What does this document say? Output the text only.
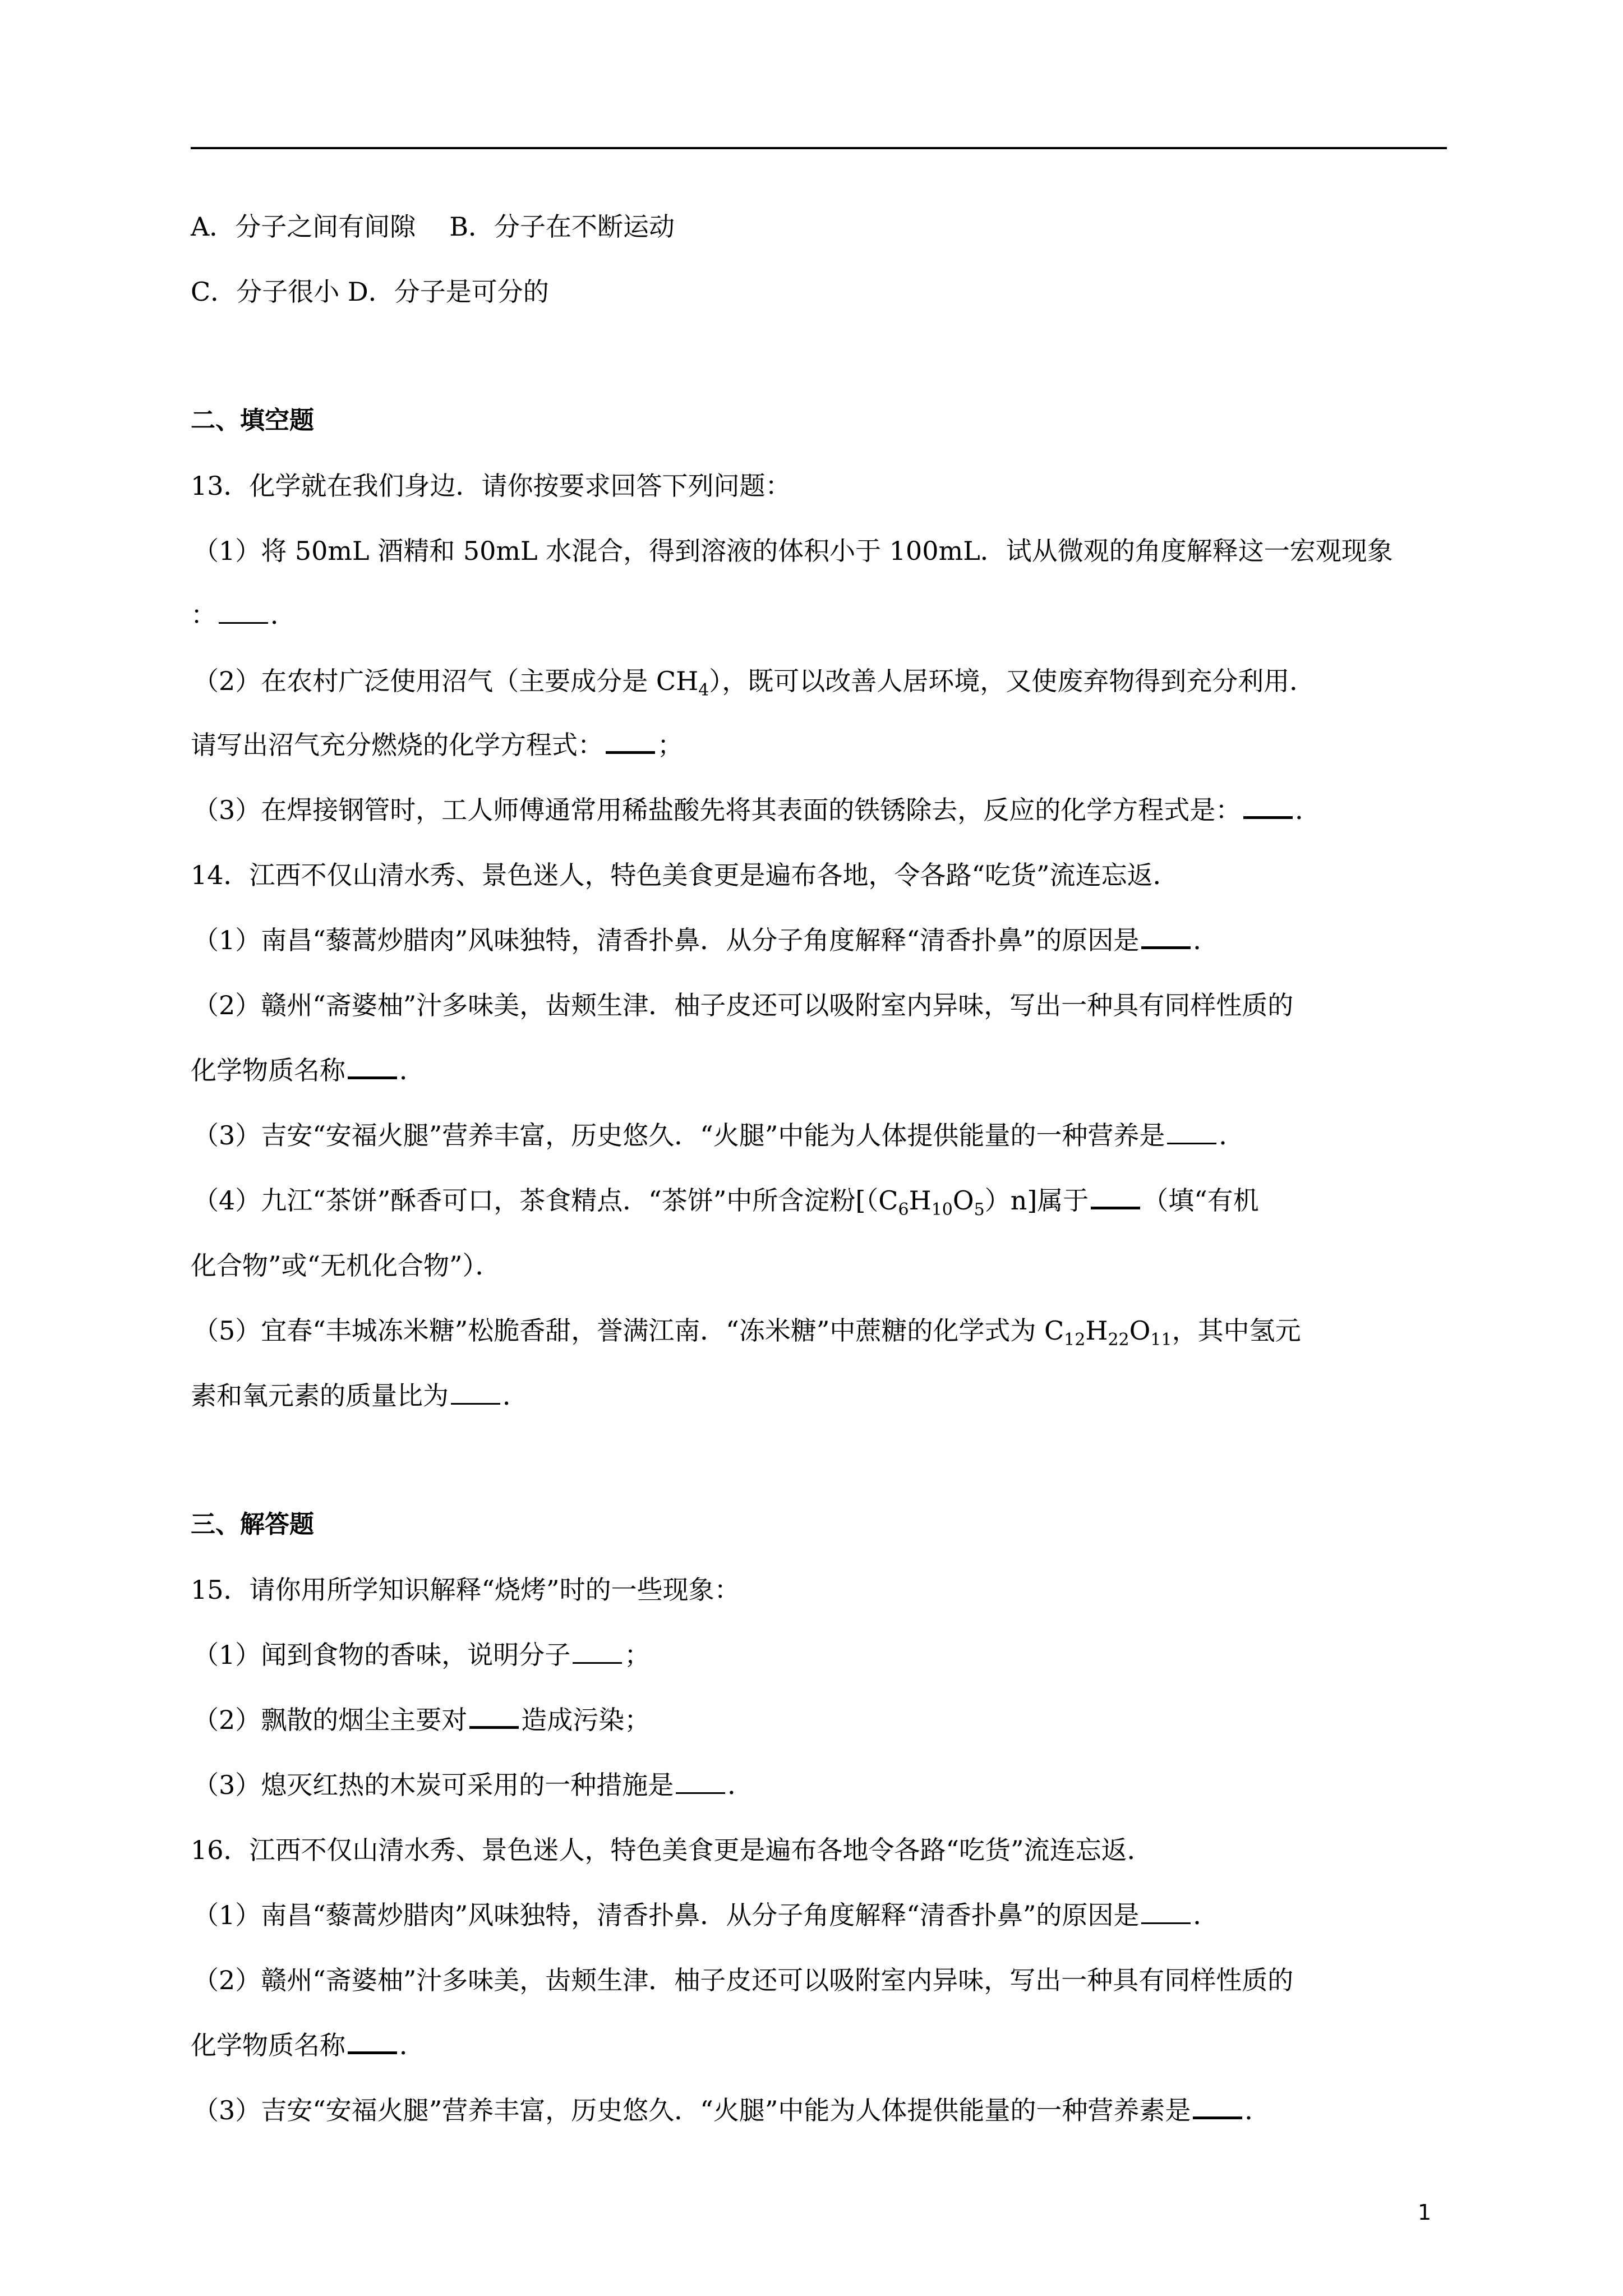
A．分子之间有间隙 B．分子在不断运动
C．分子很小 D．分子是可分的
二、填空题
13．化学就在我们身边．请你按要求回答下列问题：
（1）将 50mL 酒精和 50mL 水混合，得到溶液的体积小于 100mL．试从微观的角度解释这一宏观现象
： ．
（2）在农村广泛使用沼气（主要成分是 $CH_4$），既可以改善人居环境，又使废弃物得到充分利用．
请写出沼气充分燃烧的化学方程式： ；
（3）在焊接钢管时，工人师傅通常用稀盐酸先将其表面的铁锈除去，反应的化学方程式是： ．
14．江西不仅山清水秀、景色迷人，特色美食更是遍布各地，令各路“吃货”流连忘返．
（1）南昌“藜蒿炒腊肉”风味独特，清香扑鼻．从分子角度解释“清香扑鼻”的原因是 ．
（2）赣州“斋婆柚”汁多味美，齿颊生津．柚子皮还可以吸附室内异味，写出一种具有同样性质的
化学物质名称 ．
（3）吉安“安福火腿”营养丰富，历史悠久．“火腿”中能为人体提供能量的一种营养是 ．
（4）九江“茶饼”酥香可口，茶食精点．“茶饼”中所含淀粉$[(C_6H_{10}O_5)n]$属于 （填“有机
化合物”或“无机化合物”）．
（5）宜春“丰城冻米糖”松脆香甜，誉满江南．“冻米糖”中蔗糖的化学式为 $C_{12}H_{22}O_{11}$，其中氢元
素和氧元素的质量比为 ．
三、解答题
15．请你用所学知识解释“烧烤”时的一些现象：
（1）闻到食物的香味，说明分子 ；
（2）飘散的烟尘主要对 造成污染；
（3）熄灭红热的木炭可采用的一种措施是 ．
16．江西不仅山清水秀、景色迷人，特色美食更是遍布各地令各路“吃货”流连忘返．
（1）南昌“藜蒿炒腊肉”风味独特，清香扑鼻．从分子角度解释“清香扑鼻”的原因是 ．
（2）赣州“斋婆柚”汁多味美，齿颊生津．柚子皮还可以吸附室内异味，写出一种具有同样性质的
化学物质名称 ．
（3）吉安“安福火腿”营养丰富，历史悠久．“火腿”中能为人体提供能量的一种营养素是 ．
1
